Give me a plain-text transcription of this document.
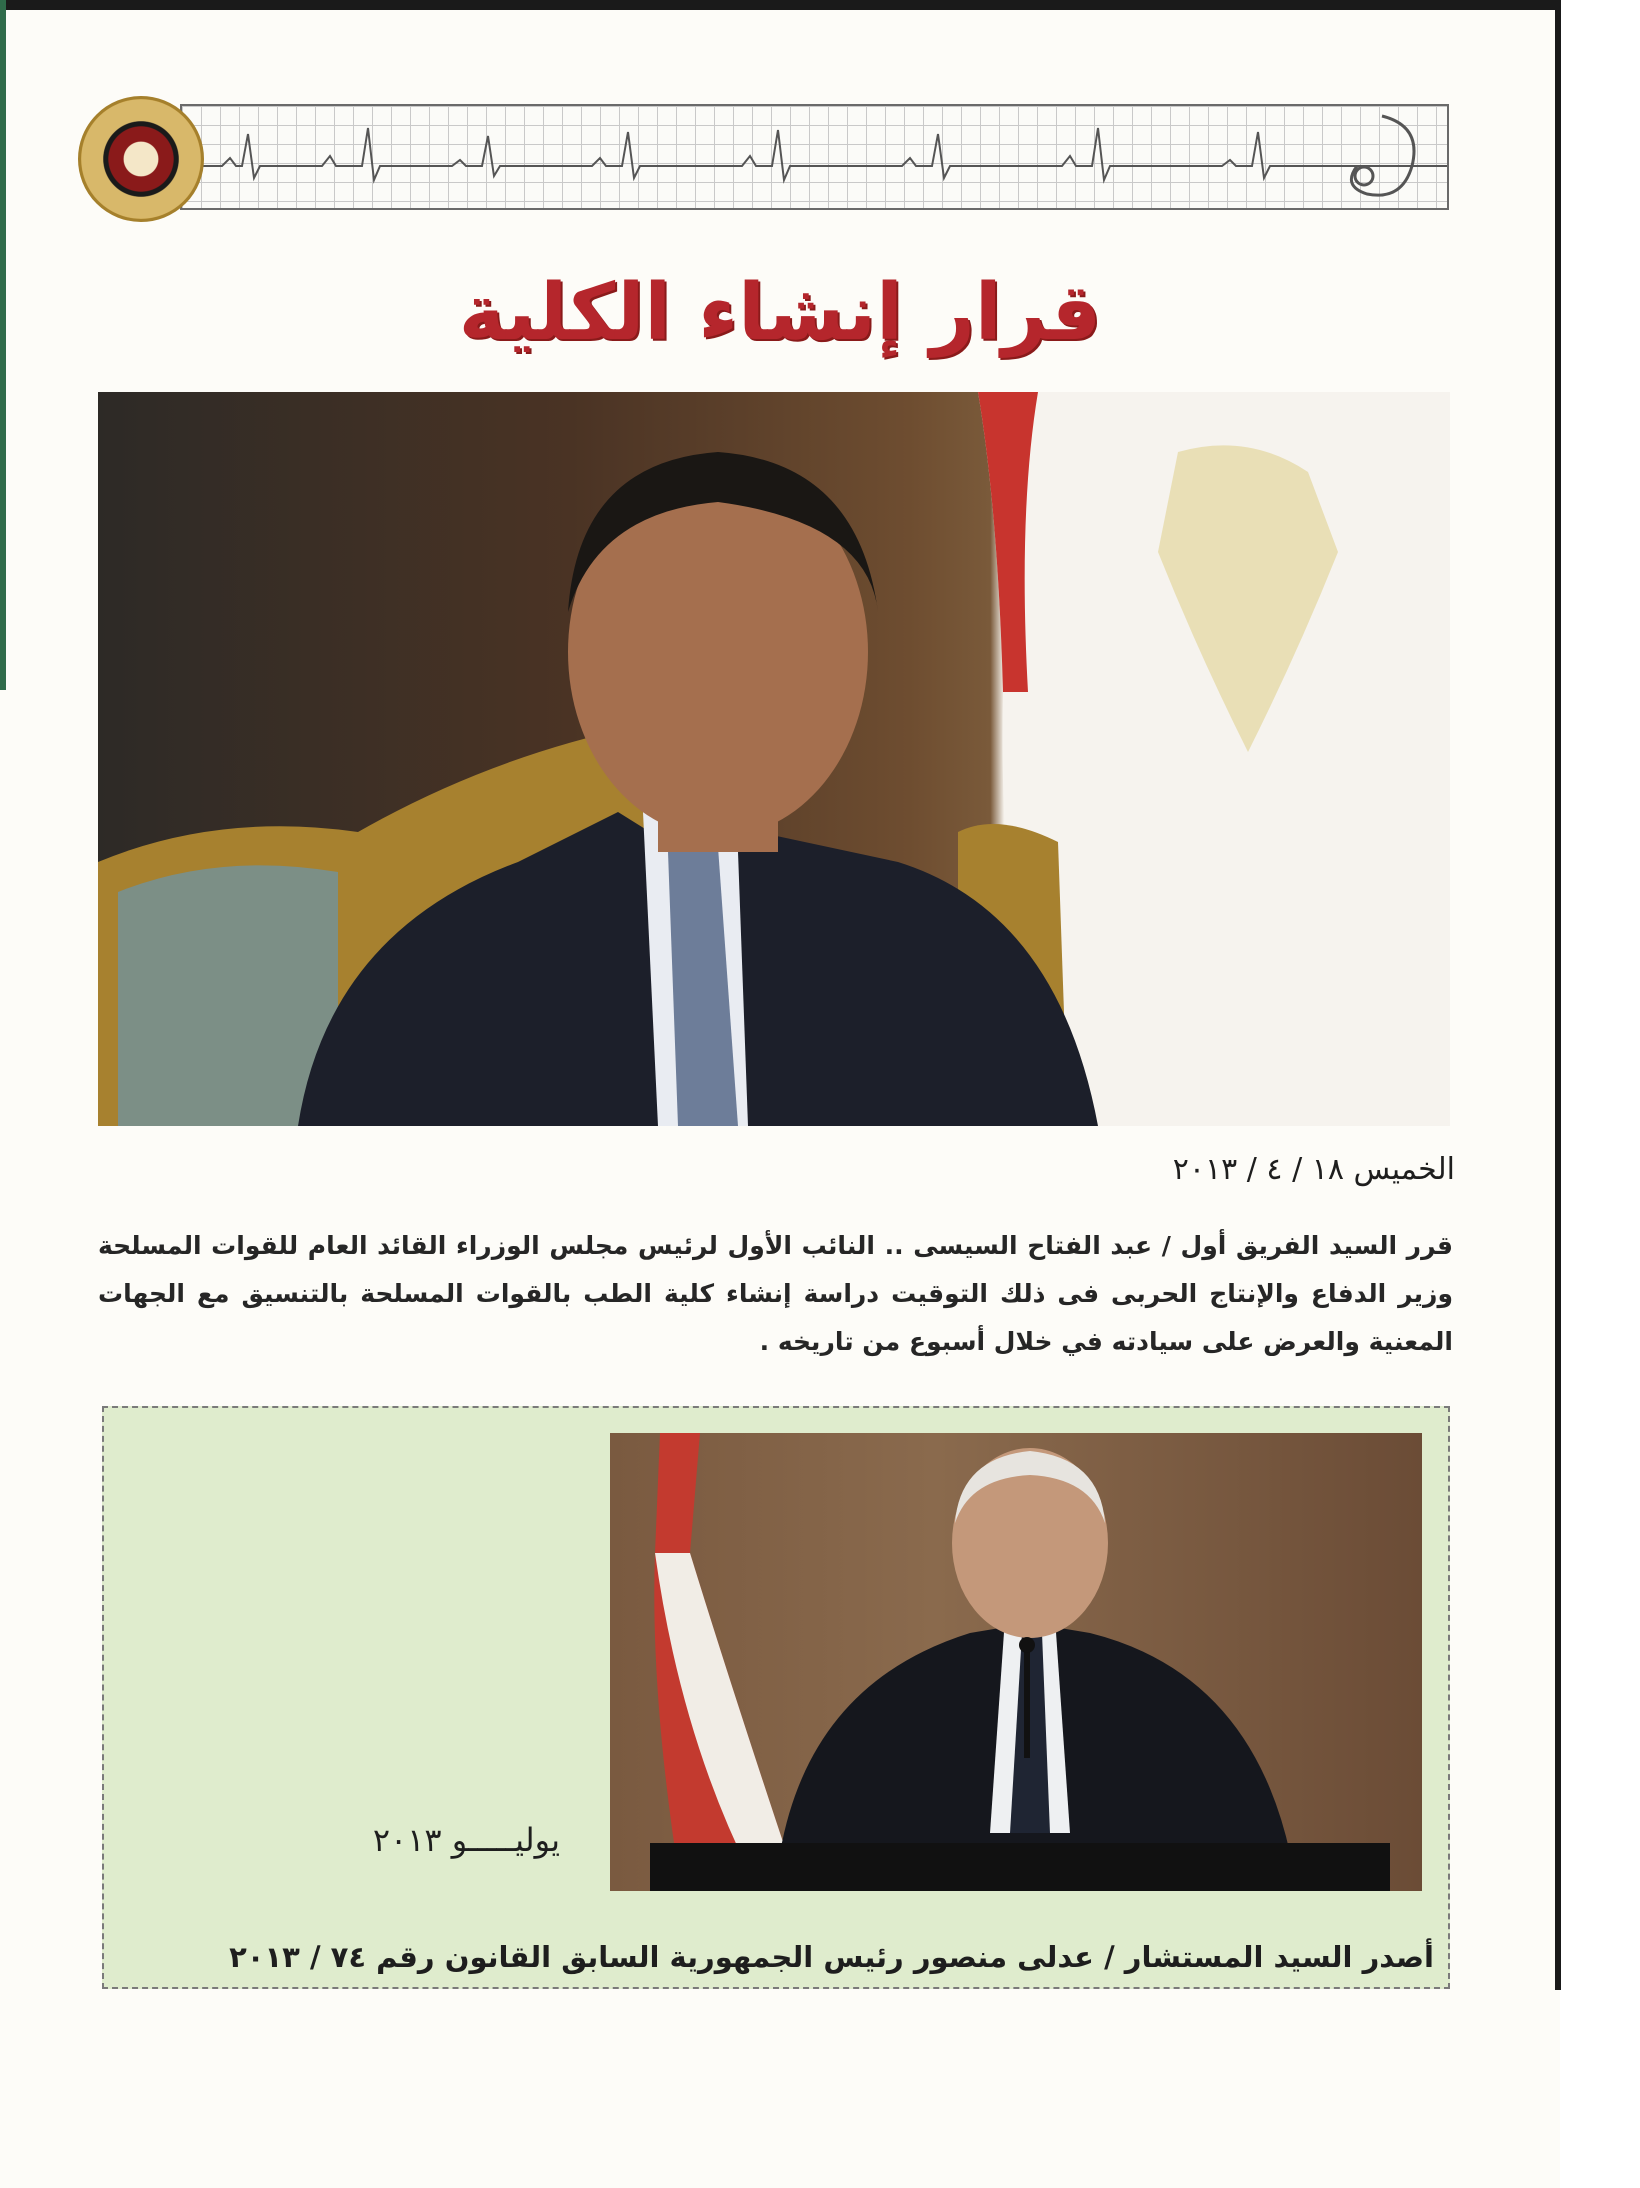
قرار إنشاء الكلية
الخميس ١٨ / ٤ / ٢٠١٣
قرر السيد الفريق أول / عبد الفتاح السيسى .. النائب الأول لرئيس مجلس الوزراء القائد العام للقوات المسلحة وزير الدفاع والإنتاج الحربى فى ذلك التوقيت دراسة إنشاء كلية الطب بالقوات المسلحة بالتنسيق مع الجهات المعنية والعرض على سيادته في خلال أسبوع من تاريخه .
يوليـــــو ٢٠١٣
أصدر السيد المستشار / عدلى منصور رئيس الجمهورية السابق القانون رقم ٧٤ / ٢٠١٣
